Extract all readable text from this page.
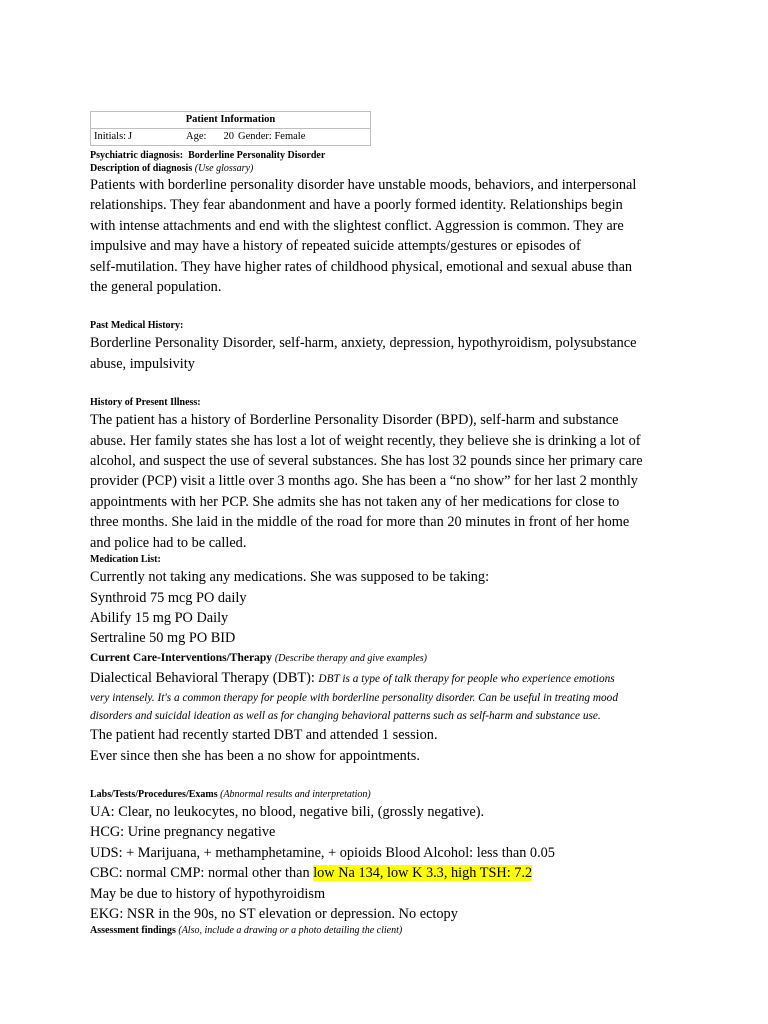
Patient Information
Initials: J	Age: 20 Gender: Female

Psychiatric diagnosis: Borderline Personality Disorder

Description of diagnosis (Use glossary)

Patients with borderline personality disorder have unstable moods, behaviors, and interpersonal

relationships. They fear abandonment and have a poorly formed identity. Relationships begin

with intense attachments and end with the slightest conflict. Aggression is common. They are

impulsive and may have a history of repeated suicide attempts/gestures or episodes of

self-mutilation. They have higher rates of childhood physical, emotional and sexual abuse than

the general population.

Past Medical History:

Borderline Personality Disorder, self-harm, anxiety, depression, hypothyroidism, polysubstance

abuse, impulsivity

History of Present Illness:

The patient has a history of Borderline Personality Disorder (BPD), self-harm and substance

abuse. Her family states she has lost a lot of weight recently, they believe she is drinking a lot of

alcohol, and suspect the use of several substances. She has lost 32 pounds since her primary care

provider (PCP) visit a little over 3 months ago. She has been a “no show” for her last 2 monthly

appointments with her PCP. She admits she has not taken any of her medications for close to

three months. She laid in the middle of the road for more than 20 minutes in front of her home

and police had to be called.

Medication List:

Currently not taking any medications. She was supposed to be taking:

Synthroid 75 mcg PO daily

Abilify 15 mg PO Daily

Sertraline 50 mg PO BID

Current Care-Interventions/Therapy (Describe therapy and give examples)

Dialectical Behavioral Therapy (DBT): DBT is a type of talk therapy for people who experience emotions

very intensely. It's a common therapy for people with borderline personality disorder. Can be useful in treating mood

disorders and suicidal ideation as well as for changing behavioral patterns such as self-harm and substance use.

The patient had recently started DBT and attended 1 session.

Ever since then she has been a no show for appointments.

Labs/Tests/Procedures/Exams (Abnormal results and interpretation)

UA: Clear, no leukocytes, no blood, negative bili, (grossly negative).

HCG: Urine pregnancy negative

UDS: + Marijuana, + methamphetamine, + opioids Blood Alcohol: less than 0.05

CBC: normal CMP: normal other than low Na 134, low K 3.3, high TSH: 7.2

May be due to history of hypothyroidism

EKG: NSR in the 90s, no ST elevation or depression. No ectopy

Assessment findings (Also, include a drawing or a photo detailing the client)
